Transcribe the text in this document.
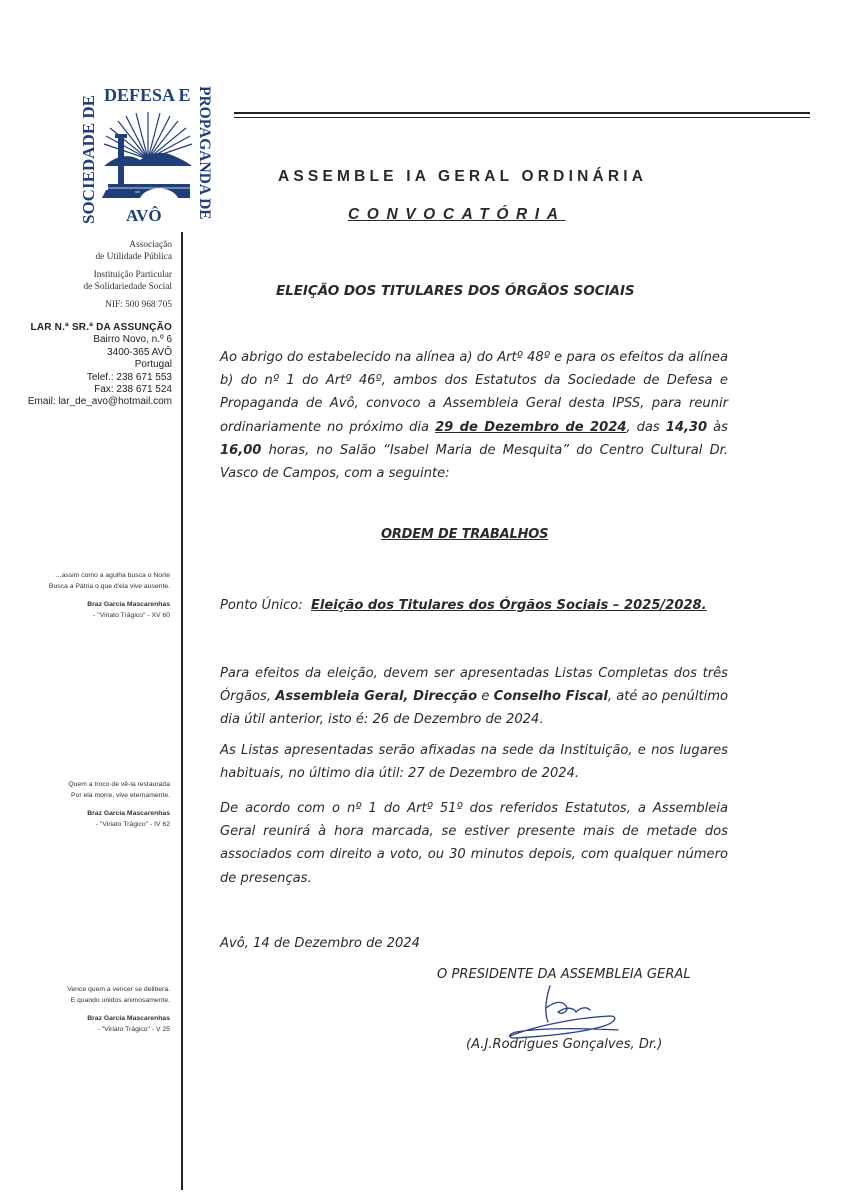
DEFESA E
SOCIEDADE DE	PROPAGANDA DE
AVÔ
Associação
de Utilidade Pública
Instituição Particular
de Solidariedade Social
NIF: 500 968 705
LAR N.ª SR.ª DA ASSUNÇÃO
Bairro Novo, n.º 6
3400-365 AVÔ
Portugal
Telef.: 238 671 553
Fax: 238 671 524
Email: lar_de_avo@hotmail.com
...assim como a agulha busca o Norte
Busca a Pátria o que d'ela vive ausente.
Braz Garcia Mascarenhas
- "Viriato Trágico" - XV 60
Quem a troco de vê-la restaurada
Por ela morre, vive eternamente.
Braz Garcia Mascarenhas
- "Viriato Trágico" - IV 62
Vence quem a vencer se delibera.
E quando unidos animosamente.
Braz Garcia Mascarenhas
- "Viriato Trágico" - V 25
ASSEMBLE IA GERAL ORDINÁRIA
CONVOCATÓRIA
ELEIÇÃO DOS TITULARES DOS ÓRGÃOS SOCIAIS
Ao abrigo do estabelecido na alínea a) do Artº 48º e para os efeitos da alínea b) do nº 1 do Artº 46º, ambos dos Estatutos da Sociedade de Defesa e Propaganda de Avô, convoco a Assembleia Geral desta IPSS, para reunir ordinariamente no próximo dia 29 de Dezembro de 2024, das 14,30 às 16,00 horas, no Salão “Isabel Maria de Mesquita” do Centro Cultural Dr. Vasco de Campos, com a seguinte:
ORDEM DE TRABALHOS
Ponto Único: Eleição dos Titulares dos Órgãos Sociais – 2025/2028.
Para efeitos da eleição, devem ser apresentadas Listas Completas dos três Órgãos, Assembleia Geral, Direcção e Conselho Fiscal, até ao penúltimo dia útil anterior, isto é: 26 de Dezembro de 2024.
As Listas apresentadas serão afixadas na sede da Instituição, e nos lugares habituais, no último dia útil: 27 de Dezembro de 2024.
De acordo com o nº 1 do Artº 51º dos referidos Estatutos, a Assembleia Geral reunirá à hora marcada, se estiver presente mais de metade dos associados com direito a voto, ou 30 minutos depois, com qualquer número de presenças.
Avô, 14 de Dezembro de 2024
O PRESIDENTE DA ASSEMBLEIA GERAL
(A.J.Rodrigues Gonçalves, Dr.)
